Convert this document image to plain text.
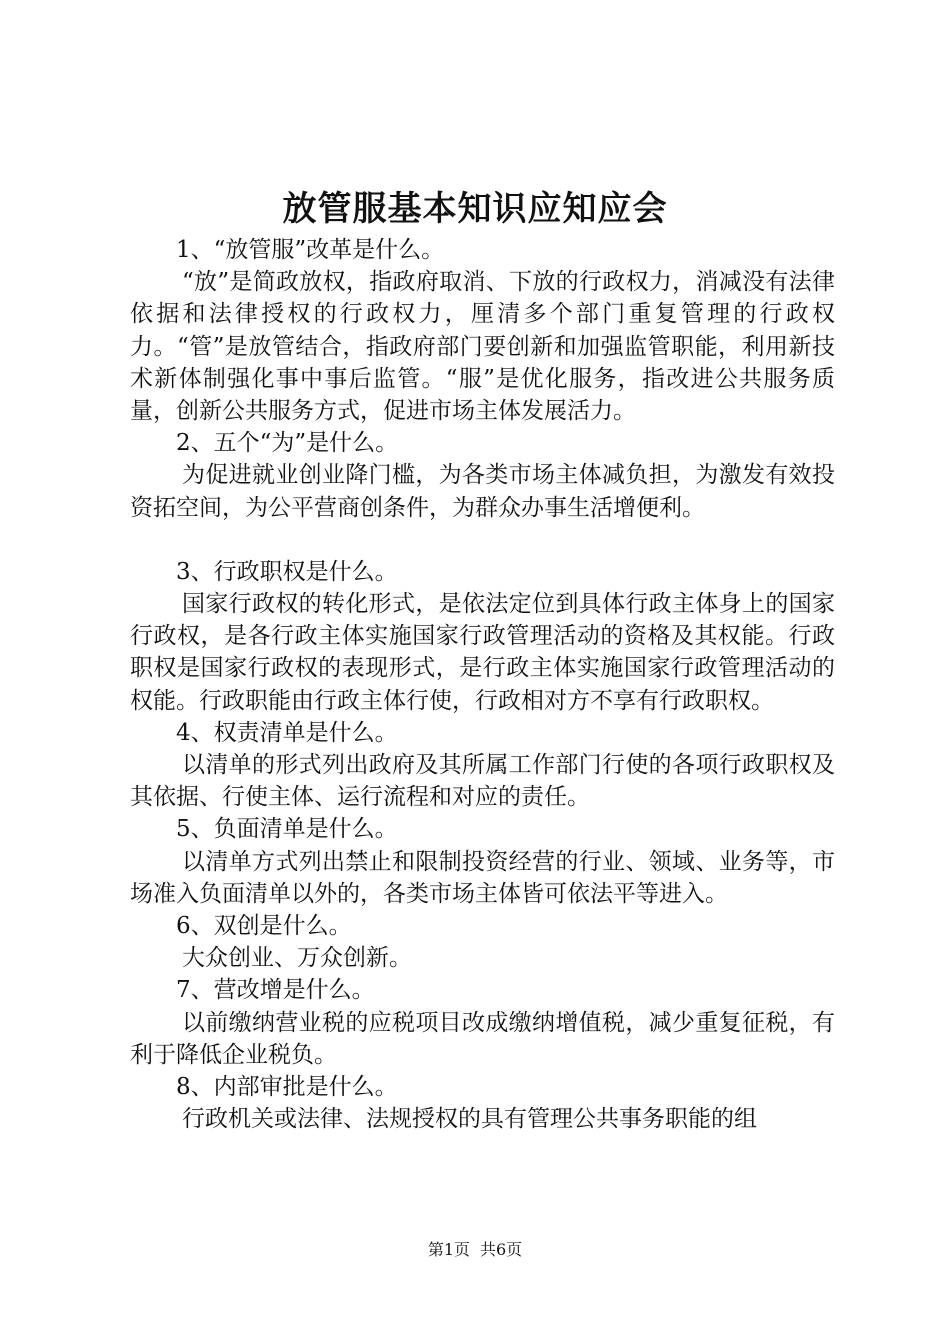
放管服基本知识应知应会

1、“放管服”改革是什么。

“放”是简政放权，指政府取消、下放的行政权力，消减没有法律依据和法律授权的行政权力，厘清多个部门重复管理的行政权力。“管”是放管结合，指政府部门要创新和加强监管职能，利用新技术新体制强化事中事后监管。“服”是优化服务，指改进公共服务质量，创新公共服务方式，促进市场主体发展活力。

2、五个“为”是什么。

为促进就业创业降门槛，为各类市场主体减负担，为激发有效投资拓空间，为公平营商创条件，为群众办事生活增便利。

3、行政职权是什么。

国家行政权的转化形式，是依法定位到具体行政主体身上的国家行政权，是各行政主体实施国家行政管理活动的资格及其权能。行政职权是国家行政权的表现形式，是行政主体实施国家行政管理活动的权能。行政职能由行政主体行使，行政相对方不享有行政职权。

4、权责清单是什么。

以清单的形式列出政府及其所属工作部门行使的各项行政职权及其依据、行使主体、运行流程和对应的责任。

5、负面清单是什么。

以清单方式列出禁止和限制投资经营的行业、领域、业务等，市场准入负面清单以外的，各类市场主体皆可依法平等进入。

6、双创是什么。

大众创业、万众创新。

7、营改增是什么。

以前缴纳营业税的应税项目改成缴纳增值税，减少重复征税，有利于降低企业税负。

8、内部审批是什么。

行政机关或法律、法规授权的具有管理公共事务职能的组

第1页 共6页
